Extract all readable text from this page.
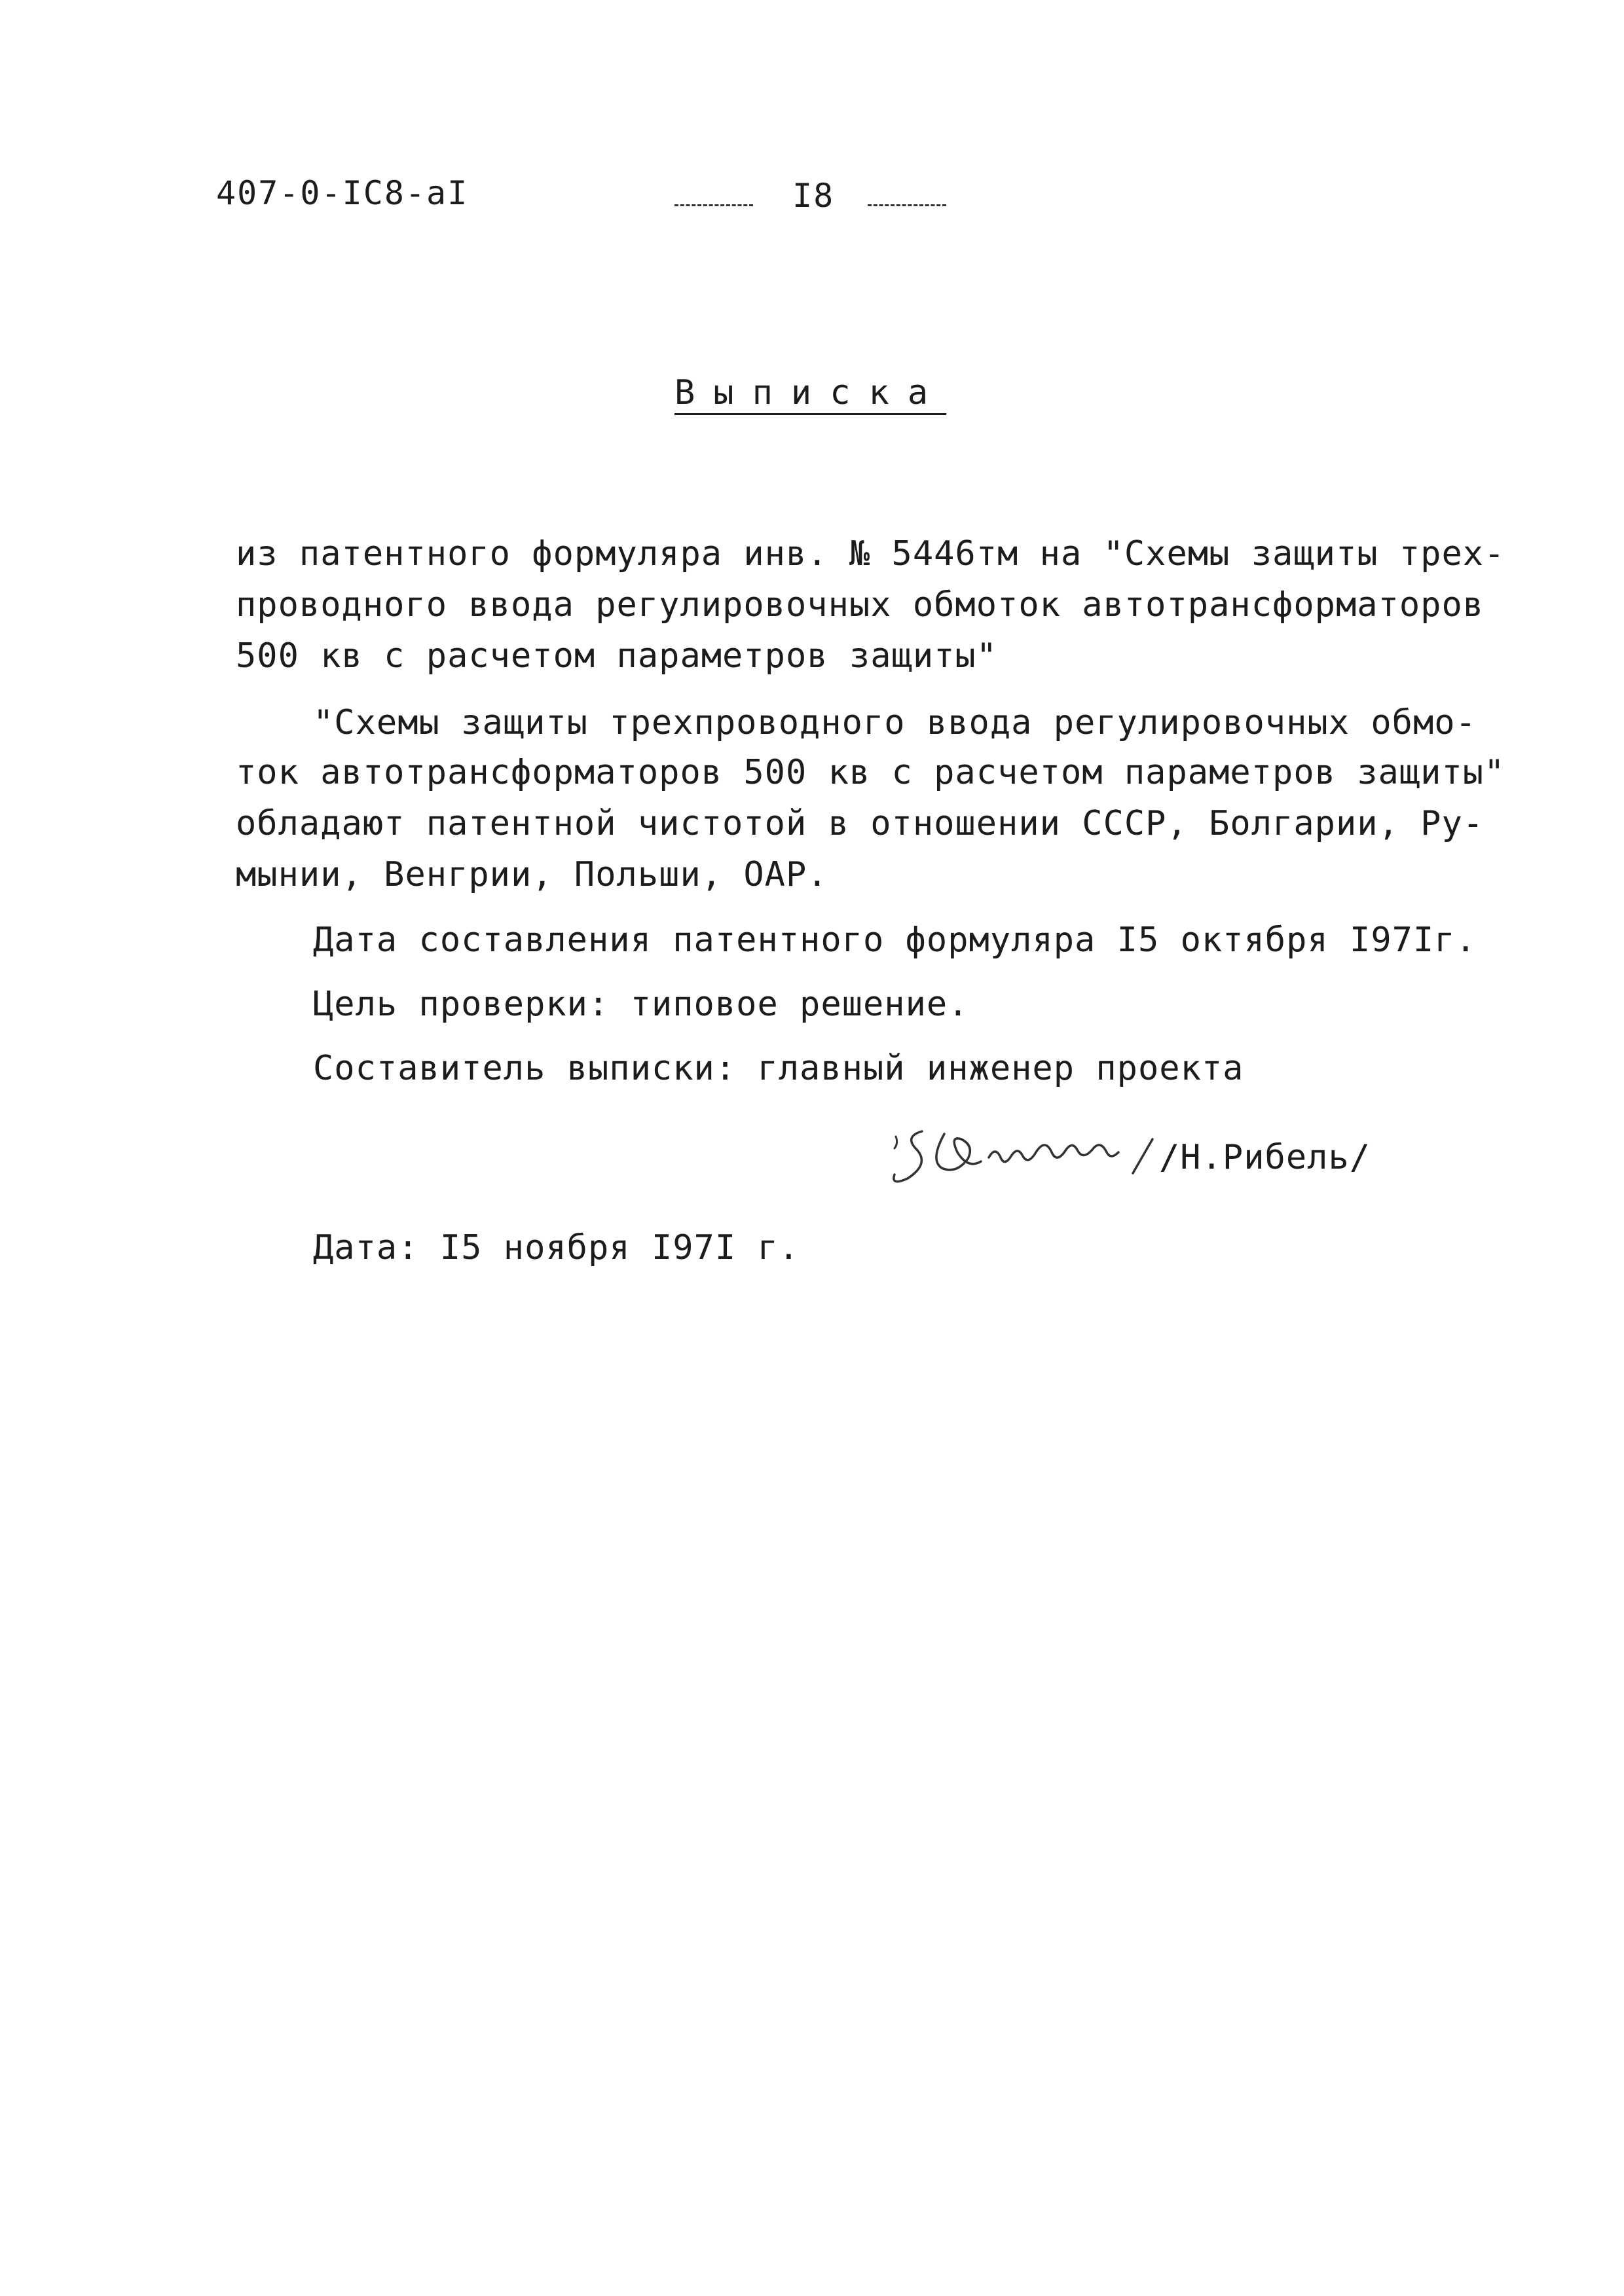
407-0-IC8-aI	I8
Выписка
из патентного формуляра инв. № 5446тм на "Схемы защиты трех-
проводного ввода регулировочных обмоток автотрансформаторов
500 кв с расчетом параметров защиты"
"Схемы защиты трехпроводного ввода регулировочных обмо-
ток автотрансформаторов 500 кв с расчетом параметров защиты"
обладают патентной чистотой в отношении СССР, Болгарии, Ру-
мынии, Венгрии, Польши, ОАР.
Дата составления патентного формуляра I5 октября I97Iг.
Цель проверки: типовое решение.
Составитель выписки: главный инженер проекта
/Н.Рибель/
Дата: I5 ноября I97I г.
